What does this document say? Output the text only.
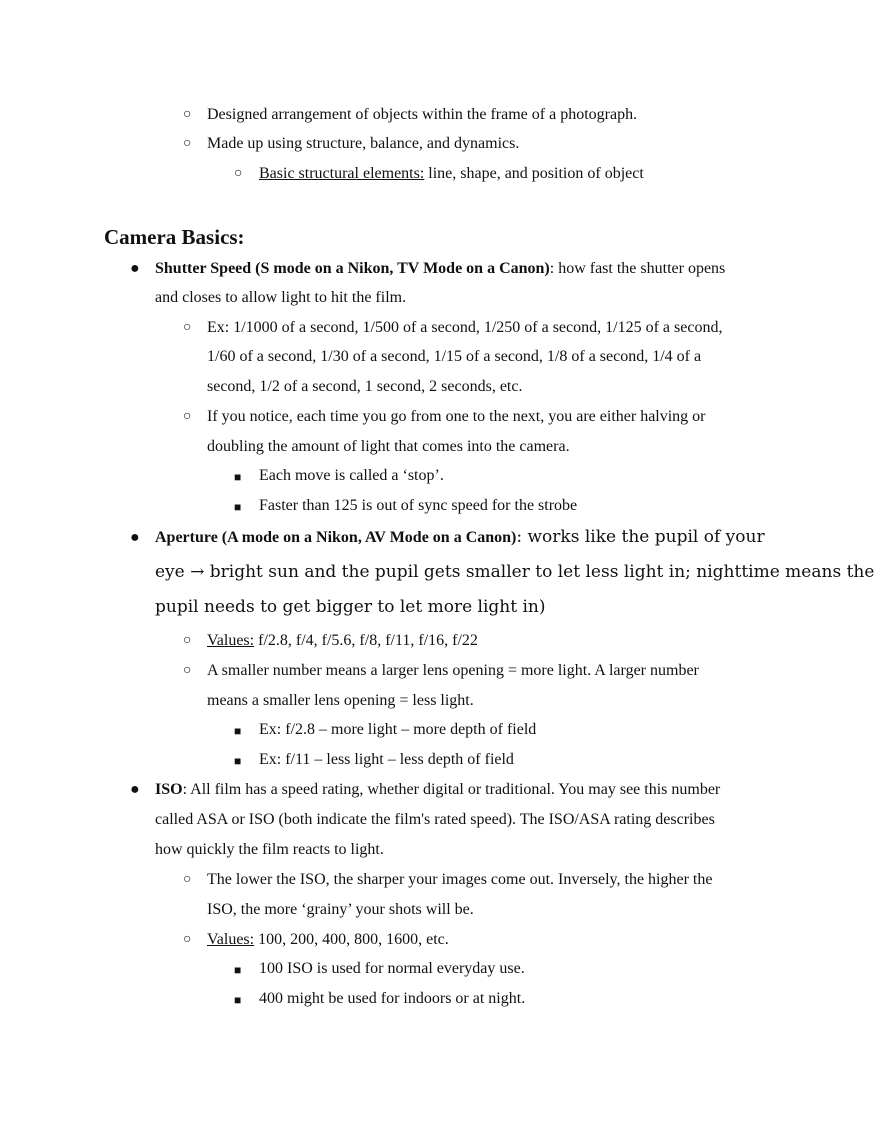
○ Designed arrangement of objects within the frame of a photograph.
○ Made up using structure, balance, and dynamics.
○ Basic structural elements: line, shape, and position of object
Camera Basics:
● Shutter Speed (S mode on a Nikon, TV Mode on a Canon): how fast the shutter opens
and closes to allow light to hit the film.
○ Ex: 1/1000 of a second, 1/500 of a second, 1/250 of a second, 1/125 of a second,
1/60 of a second, 1/30 of a second, 1/15 of a second, 1/8 of a second, 1/4 of a
second, 1/2 of a second, 1 second, 2 seconds, etc.
○ If you notice, each time you go from one to the next, you are either halving or
doubling the amount of light that comes into the camera.
■ Each move is called a ‘stop’.
■ Faster than 125 is out of sync speed for the strobe
● Aperture (A mode on a Nikon, AV Mode on a Canon): works like the pupil of your
eye → bright sun and the pupil gets smaller to let less light in; nighttime means the
pupil needs to get bigger to let more light in)
○ Values: f/2.8, f/4, f/5.6, f/8, f/11, f/16, f/22
○ A smaller number means a larger lens opening = more light. A larger number
means a smaller lens opening = less light.
■ Ex: f/2.8 – more light – more depth of field
■ Ex: f/11 – less light – less depth of field
● ISO: All film has a speed rating, whether digital or traditional. You may see this number
called ASA or ISO (both indicate the film's rated speed). The ISO/ASA rating describes
how quickly the film reacts to light.
○ The lower the ISO, the sharper your images come out. Inversely, the higher the
ISO, the more ‘grainy’ your shots will be.
○ Values: 100, 200, 400, 800, 1600, etc.
■ 100 ISO is used for normal everyday use.
■ 400 might be used for indoors or at night.
